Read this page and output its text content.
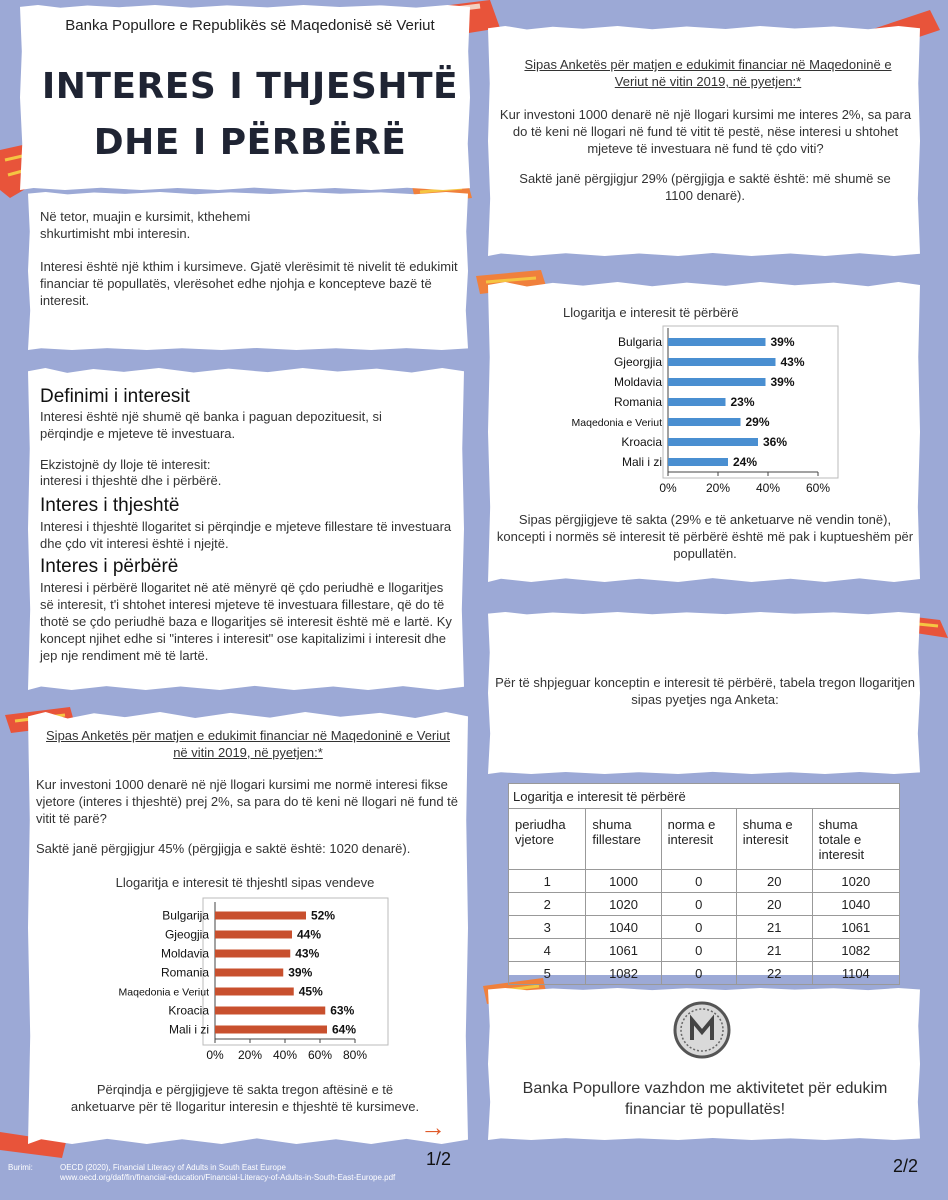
Banka Popullore e Republikës së Maqedonisë së Veriut
INTERES I THJESHTË
DHE I PËRBËRË
Në tetor, muajin e kursimit, kthehemi shkurtimisht mbi interesin.
Interesi është një kthim i kursimeve. Gjatë vlerësimit të nivelit të edukimit financiar të popullatës, vlerësohet edhe njohja e koncepteve bazë të interesit.
Definimi i interesit
Interesi është një shumë që banka i paguan depozituesit, si përqindje e mjeteve të investuara.
Ekzistojnë dy lloje të interesit:
interesi i thjeshtë dhe i përbërë.
Interes i thjeshtë
Interesi i thjeshtë llogaritet si përqindje e mjeteve fillestare të investuara dhe çdo vit interesi është i njejtë.
Interes i përbërë
Interesi i përbërë llogaritet në atë mënyrë që çdo periudhë e llogaritjes së interesit, t'i shtohet interesi mjeteve të investuara fillestare, që do të thotë se çdo periudhë baza e llogaritjes së interesit është më e lartë. Ky koncept njihet edhe si "interes i interesit" ose kapitalizimi i interesit dhe jep nje rendiment më të lartë.
Sipas Anketës për matjen e edukimit financiar në Maqedoninë e Veriut në vitin 2019, në pyetjen:*
Kur investoni 1000 denarë në një llogari kursimi me normë interesi fikse vjetore (interes i thjeshtë) prej 2%, sa para do të keni në llogari në fund të vitit të parë?
Saktë janë përgjigjur 45% (përgjigja e saktë është: 1020 denarë).
Llogaritja e interesit të thjeshtl sipas vendeve
Bulgarija	52%
Gjeogjia	44%
Moldavia	43%
Romania	39%
Maqedonia e Veriut	45%
Kroacia	63%
Mali i zi	64%
0% 20% 40% 60% 80%
Përqindja e përgjigjeve të sakta tregon aftësinë e të anketuarve për të llogaritur interesin e thjeshtë të kursimeve.
→
Burimi:	OECD (2020), Financial Literacy of Adults in South East Europe
www.oecd.org/daf/fin/financial-education/Financial-Literacy-of-Adults-in-South-East-Europe.pdf
1/2
Sipas Anketës për matjen e edukimit financiar në Maqedoninë e Veriut në vitin 2019, në pyetjen:*
Kur investoni 1000 denarë në një llogari kursimi me interes 2%, sa para do të keni në llogari në fund të vitit të pestë, nëse interesi u shtohet mjeteve të investuara në fund të çdo viti?
Saktë janë përgjigjur 29% (përgjigja e saktë është: më shumë se 1100 denarë).
Llogaritja e interesit të përbërë
Bulgaria	39%
Gjeorgjia	43%
Moldavia	39%
Romania	23%
Maqedonia e Veriut	29%
Kroacia	36%
Mali i zi	24%
0% 20% 40% 60%
Sipas përgjigjeve të sakta (29% e të anketuarve në vendin tonë), koncepti i normës së interesit të përbërë është më pak i kuptueshëm për popullatën.
Për të shpjeguar konceptin e interesit të përbërë, tabela tregon llogaritjen sipas pyetjes nga Anketa:
Logaritja e interesit të përbërë
periudha vjetore	shuma fillestare	norma e interesit	shuma e interesit	shuma totale e interesit
1	1000	0	20	1020
2	1020	0	20	1040
3	1040	0	21	1061
4	1061	0	21	1082
5	1082	0	22	1104
Banka Popullore vazhdon me aktivitetet për edukim financiar të popullatës!
2/2
